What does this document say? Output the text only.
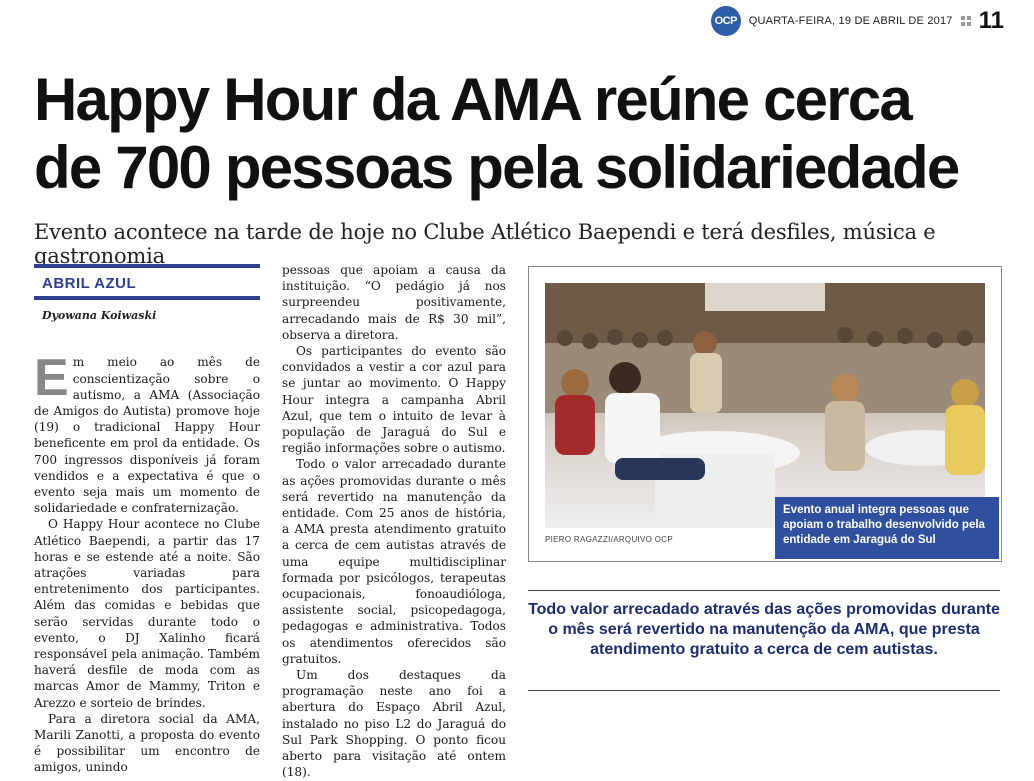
OCP	QUARTA-FEIRA, 19 DE ABRIL DE 2017 11
Happy Hour da AMA reúne cerca
de 700 pessoas pela solidariedade

Evento acontece na tarde de hoje no Clube Atlético Baependi e terá desfiles, música e gastronomia

ABRIL AZUL
Dyowana Koiwaski

Em meio ao mês de conscientização sobre o autismo, a AMA (Associação de Amigos do Autista) promove hoje (19) o tradicional Happy Hour beneficente em prol da entidade. Os 700 ingressos disponíveis já foram vendidos e a expectativa é que o evento seja mais um momento de solidariedade e confraternização.

O Happy Hour acontece no Clube Atlético Baependi, a partir das 17 horas e se estende até a noite. São atrações variadas para entretenimento dos participantes. Além das comidas e bebidas que serão servidas durante todo o evento, o DJ Xalinho ficará responsável pela animação. Também haverá desfile de moda com as marcas Amor de Mammy, Triton e Arezzo e sorteio de brindes.

Para a diretora social da AMA, Marili Zanotti, a proposta do evento é possibilitar um encontro de amigos, unindo

pessoas que apoiam a causa da instituição. “O pedágio já nos surpreendeu positivamente, arrecadando mais de R$ 30 mil”, observa a diretora.

Os participantes do evento são convidados a vestir a cor azul para se juntar ao movimento. O Happy Hour integra a campanha Abril Azul, que tem o intuito de levar à população de Jaraguá do Sul e região informações sobre o autismo.

Todo o valor arrecadado durante as ações promovidas durante o mês será revertido na manutenção da entidade. Com 25 anos de história, a AMA presta atendimento gratuito a cerca de cem autistas através de uma equipe multidisciplinar formada por psicólogos, terapeutas ocupacionais, fonoaudióloga, assistente social, psicopedagoga, pedagogas e administrativa. Todos os atendimentos oferecidos são gratuitos.

Um dos destaques da programação neste ano foi a abertura do Espaço Abril Azul, instalado no piso L2 do Jaraguá do Sul Park Shopping. O ponto ficou aberto para visitação até ontem (18).

Evento anual integra pessoas que apoiam o trabalho desenvolvido pela entidade em Jaraguá do Sul
PIERO RAGAZZI/ARQUIVO OCP

Todo valor arrecadado através das ações promovidas durante o mês será revertido na manutenção da AMA, que presta atendimento gratuito a cerca de cem autistas.
